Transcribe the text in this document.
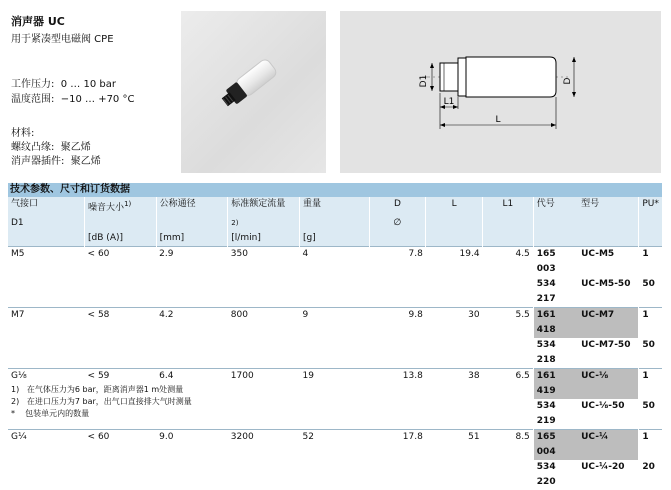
消声器 UC
用于紧凑型电磁阀 CPE
工作压力: 0 … 10 bar
温度范围: −10 … +70 °C
材料:
螺纹凸缘: 聚乙烯
消声器插件: 聚乙烯
D1	D
L1
L
技术参数、尺寸和订货数据
气接口	噪音大小$^{1)}$	公称通径	标准额定流量	重量	D	L	L1	代号	型号	PU*
D1			2)		∅					
	[dB (A)]	[mm]	[l/min]	[g]						
M5	< 60	2.9	350	4	7.8	19.4	4.5	165 003	UC-M5	1
								534 217	UC-M5-50	50
M7	< 58	4.2	800	9	9.8	30	5.5	161 418	UC-M7	1
								534 218	UC-M7-50	50
G⅛	< 59	6.4	1700	19	13.8	38	6.5	161 419	UC-⅛	1
								534 219	UC-⅛-50	50
G¼	< 60	9.0	3200	52	17.8	51	8.5	165 004	UC-¼	1
								534 220	UC-¼-20	20
1) 在气体压力为6 bar，距离消声器1 m处测量
2) 在进口压力为7 bar，出气口直接排大气时测量
* 包装单元内的数量
